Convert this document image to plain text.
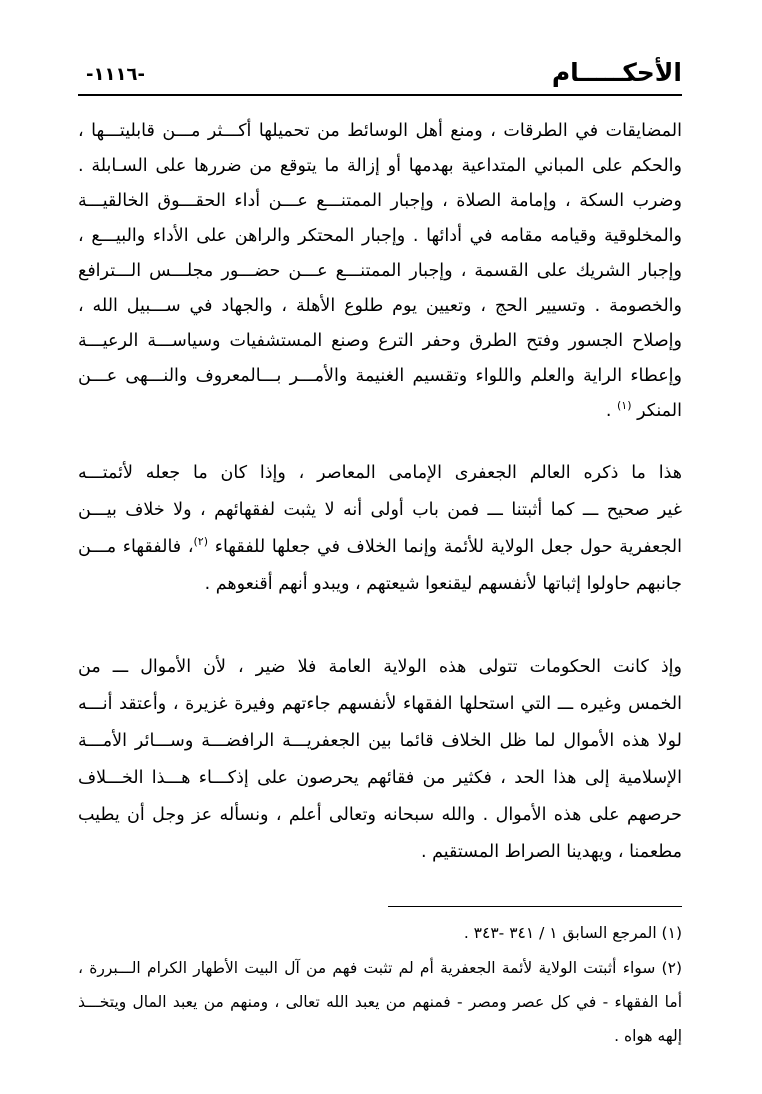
الأحكـــــام
-١١١٦-
المضايقات في الطرقات ، ومنع أهل الوسائط من تحميلها أكـــثر مـــن قابليتـــها ،
والحكم على المباني المتداعية بهدمها أو إزالة ما يتوقع من ضررها على السـابلة .
وضرب السكة ، وإمامة الصلاة ، وإجبار الممتنـــع عـــن أداء الحقـــوق الخالقيـــة
والمخلوقية وقيامه مقامه في أدائها . وإجبار المحتكر والراهن على الأداء والبيـــع ،
وإجبار الشريك على القسمة ، وإجبار الممتنـــع عـــن حضـــور مجلـــس الـــترافع
والخصومة . وتسيير الحج ، وتعيين يوم طلوع الأهلة ، والجهاد في ســـبيل الله ،
وإصلاح الجسور وفتح الطرق وحفر الترع وصنع المستشفيات وسياســـة الرعيـــة
وإعطاء الراية والعلم واللواء وتقسيم الغنيمة والأمـــر بـــالمعروف والنـــهى عـــن
المنكر $^{(١)}$ .
هذا ما ذكره العالم الجعفرى الإمامى المعاصر ، وإذا كان ما جعله لأئمتـــه
غير صحيح ـــ كما أثبتنا ـــ فمن باب أولى أنه لا يثبت لفقهائهم ، ولا خلاف بيـــن
الجعفرية حول جعل الولاية للأئمة وإنما الخلاف في جعلها للفقهاء $^{(٢)}$، فالفقهاء مـــن
جانبهم حاولوا إثباتها لأنفسهم ليقنعوا شيعتهم ، ويبدو أنهم أقنعوهم .
وإذ كانت الحكومات تتولى هذه الولاية العامة فلا ضير ، لأن الأموال ـــ من
الخمس وغيره ـــ التي استحلها الفقهاء لأنفسهم جاءتهم وفيرة غزيرة ، وأعتقد أنـــه
لولا هذه الأموال لما ظل الخلاف قائما بين الجعفريـــة الرافضـــة وســـائر الأمـــة
الإسلامية إلى هذا الحد ، فكثير من فقائهم يحرصون على إذكـــاء هـــذا الخـــلاف
حرصهم على هذه الأموال . والله سبحانه وتعالى أعلم ، ونسأله عز وجل أن يطيب
مطعمنا ، ويهدينا الصراط المستقيم .
(١) المرجع السابق ١ / ٣٤١ -٣٤٣ .
(٢) سواء أثبتت الولاية لأئمة الجعفرية أم لم تثبت فهم من آل البيت الأطهار الكرام الـــبررة ،
أما الفقهاء - في كل عصر ومصر - فمنهم من يعبد الله تعالى ، ومنهم من يعبد المال ويتخـــذ
إلهه هواه .
